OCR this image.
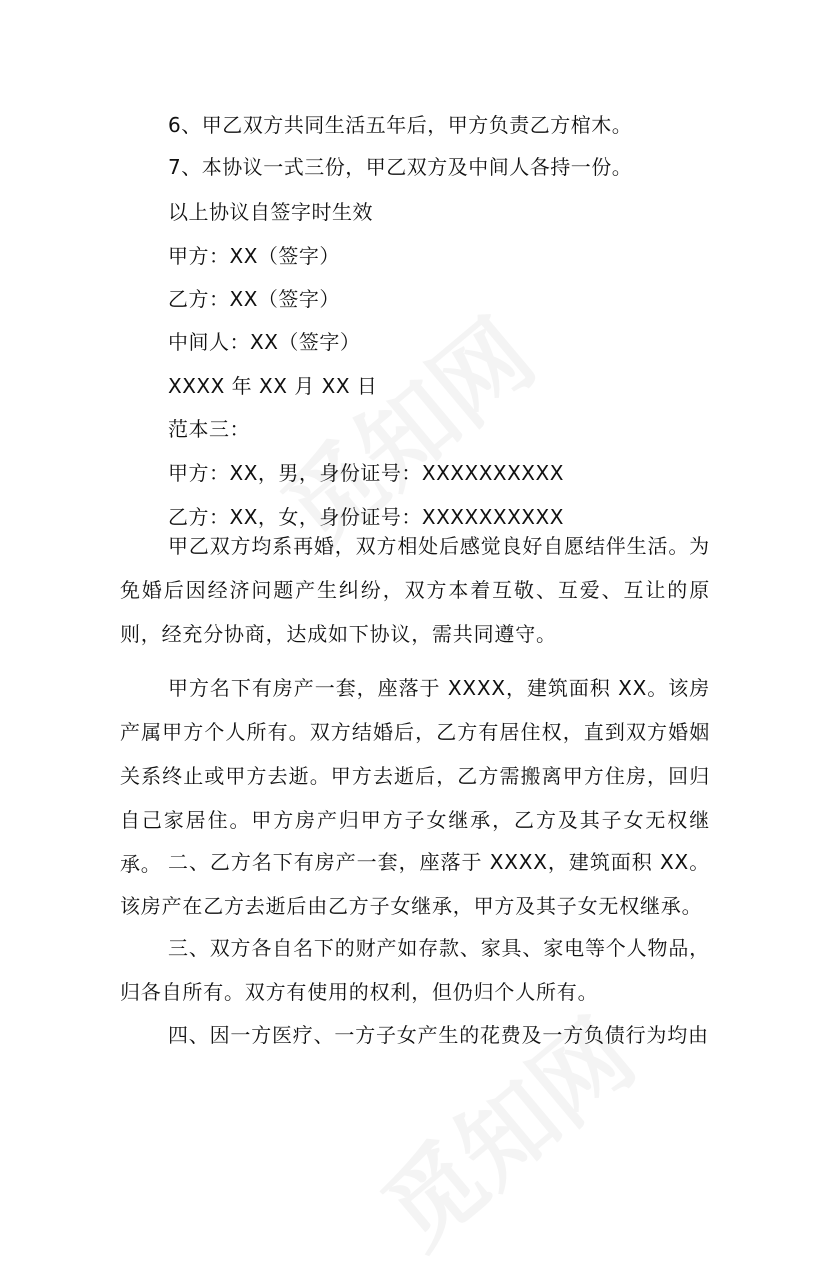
6、甲乙双方共同生活五年后，甲方负责乙方棺木。
7、本协议一式三份，甲乙双方及中间人各持一份。
以上协议自签字时生效
甲方：XX（签字）
乙方：XX（签字）
中间人：XX（签字）
XXXX 年 XX 月 XX 日
范本三：
甲方：XX，男，身份证号：XXXXXXXXXX
乙方：XX，女，身份证号：XXXXXXXXXX

甲乙双方均系再婚，双方相处后感觉良好自愿结伴生活。为免婚后因经济问题产生纠纷，双方本着互敬、互爱、互让的原则，经充分协商，达成如下协议，需共同遵守。

甲方名下有房产一套，座落于 XXXX，建筑面积 XX。该房产属甲方个人所有。双方结婚后，乙方有居住权，直到双方婚姻关系终止或甲方去逝。甲方去逝后，乙方需搬离甲方住房，回归自己家居住。甲方房产归甲方子女继承，乙方及其子女无权继承。 二、乙方名下有房产一套，座落于 XXXX，建筑面积 XX。该房产在乙方去逝后由乙方子女继承，甲方及其子女无权继承。

三、双方各自名下的财产如存款、家具、家电等个人物品，归各自所有。双方有使用的权利，但仍归个人所有。

四、因一方医疗、一方子女产生的花费及一方负债行为均由
